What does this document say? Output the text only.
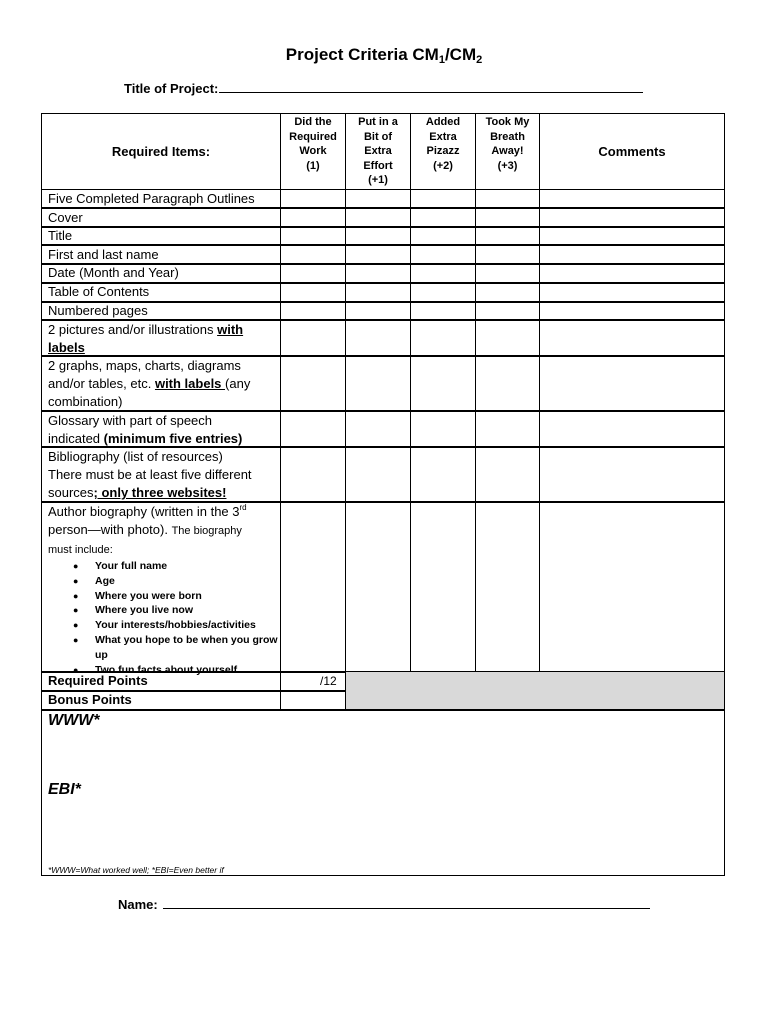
Project Criteria $CM_1/CM_2$
Title of Project:
Required Items:
Did the
Required
Work
(1)
Put in a
Bit of
Extra
Effort
(+1)
Added
Extra
Pizazz
(+2)
Took My
Breath
Away!
(+3)
Comments
Five Completed Paragraph Outlines
Cover
Title
First and last name
Date (Month and Year)
Table of Contents
Numbered pages
2 pictures and/or illustrations with
labels
2 graphs, maps, charts, diagrams
and/or tables, etc. with labels (any
combination)
Glossary with part of speech
indicated (minimum five entries)
Bibliography (list of resources)
There must be at least five different
sources; only three websites!
Author biography (written in the 3rd
person—with photo). The biography
must include:
● Your full name
● Age
● Where you were born
● Where you live now
● Your interests/hobbies/activities
● What you hope to be when you grow up
● Two fun facts about yourself
Required Points	/12
Bonus Points
WWW*
EBI*
*WWW=What worked well; *EBI=Even better if
Name:
